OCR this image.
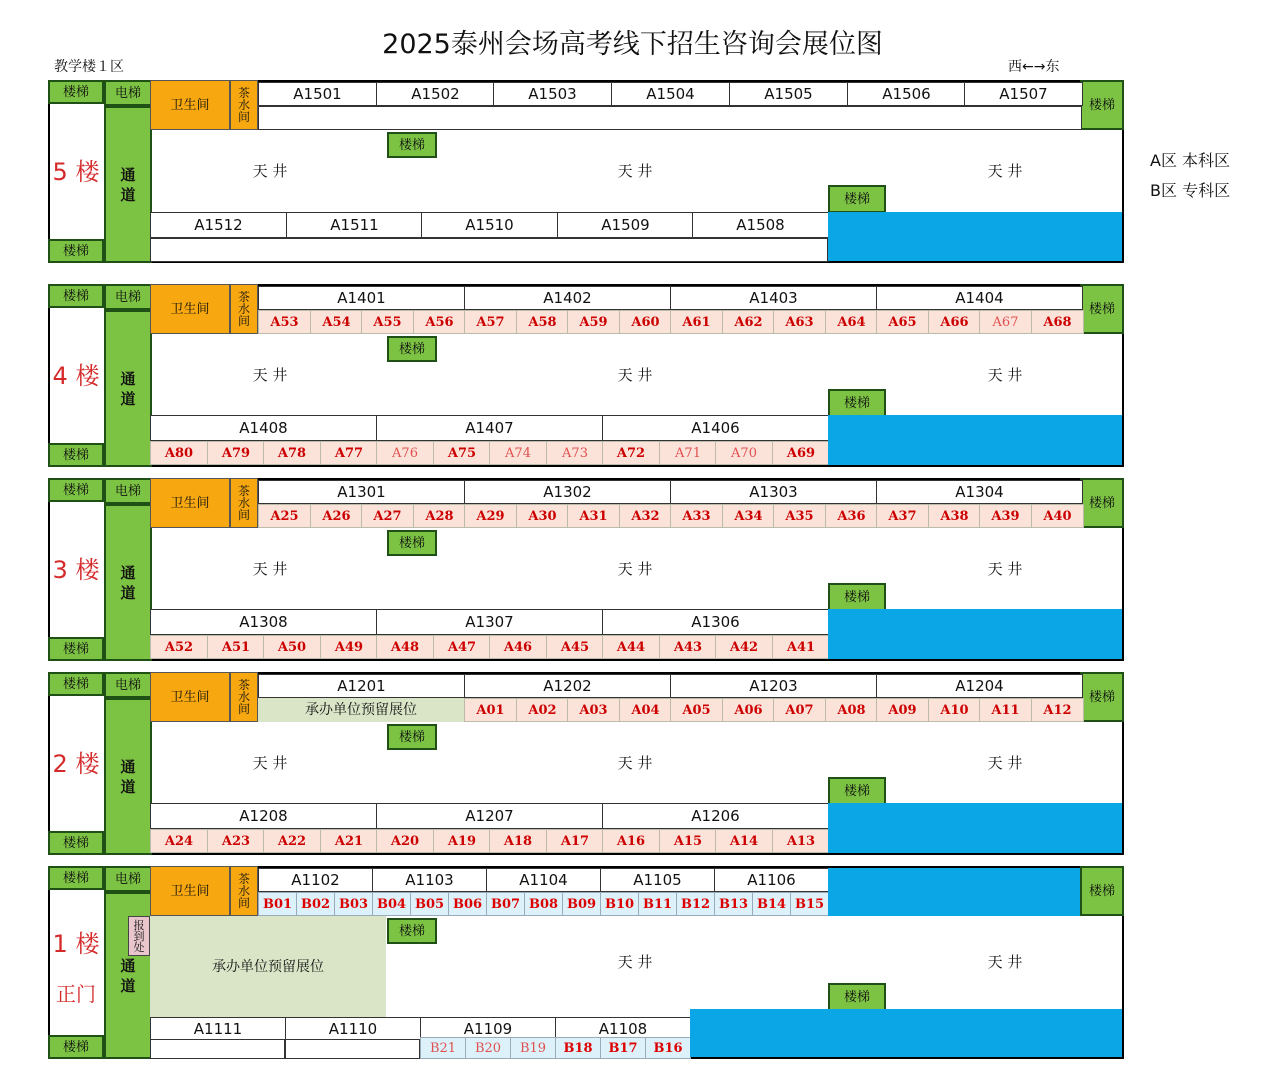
2025泰州会场高考线下招生咨询会展位图
教学楼１区	西←→东
A区 本科区
B区 专科区
楼梯
楼梯
电梯
通
道
5 楼
卫生间
茶
水
间
楼梯
A1501	A1502	A1503	A1504	A1505	A1506	A1507
天 井	天 井	天 井
楼梯
楼梯
A1512	A1511	A1510	A1509	A1508
楼梯
楼梯
电梯
通
道
4 楼
卫生间
茶
水
间
楼梯
A1401	A1402	A1403	A1404
A53	A54	A55	A56	A57	A58	A59	A60	A61	A62	A63	A64	A65	A66	A67	A68
天 井	天 井	天 井
楼梯
楼梯
A1408	A1407	A1406
A80	A79	A78	A77	A76	A75	A74	A73	A72	A71	A70	A69
楼梯
楼梯
电梯
通
道
3 楼
卫生间
茶
水
间
楼梯
A1301	A1302	A1303	A1304
A25	A26	A27	A28	A29	A30	A31	A32	A33	A34	A35	A36	A37	A38	A39	A40
天 井	天 井	天 井
楼梯
楼梯
A1308	A1307	A1306
A52	A51	A50	A49	A48	A47	A46	A45	A44	A43	A42	A41
楼梯
楼梯
电梯
通
道
2 楼
卫生间
茶
水
间
楼梯
A1201	A1202	A1203	A1204
承办单位预留展位	A01	A02	A03	A04	A05	A06	A07	A08	A09	A10	A11	A12
天 井	天 井	天 井
楼梯
楼梯
A1208	A1207	A1206
A24	A23	A22	A21	A20	A19	A18	A17	A16	A15	A14	A13
楼梯
楼梯
电梯
通
道
1 楼
卫生间
茶
水
间
楼梯
A1102	A1103	A1104	A1105	A1106
B01 B02 B03 B04 B05 B06 B07 B08 B09 B10 B11 B12 B13 B14 B15
承办单位预留展位
报
到
处
正门
天 井	天 井
楼梯
楼梯
A1111	A1110	A1109	A1108
B21	B20	B19	B18	B17	B16
